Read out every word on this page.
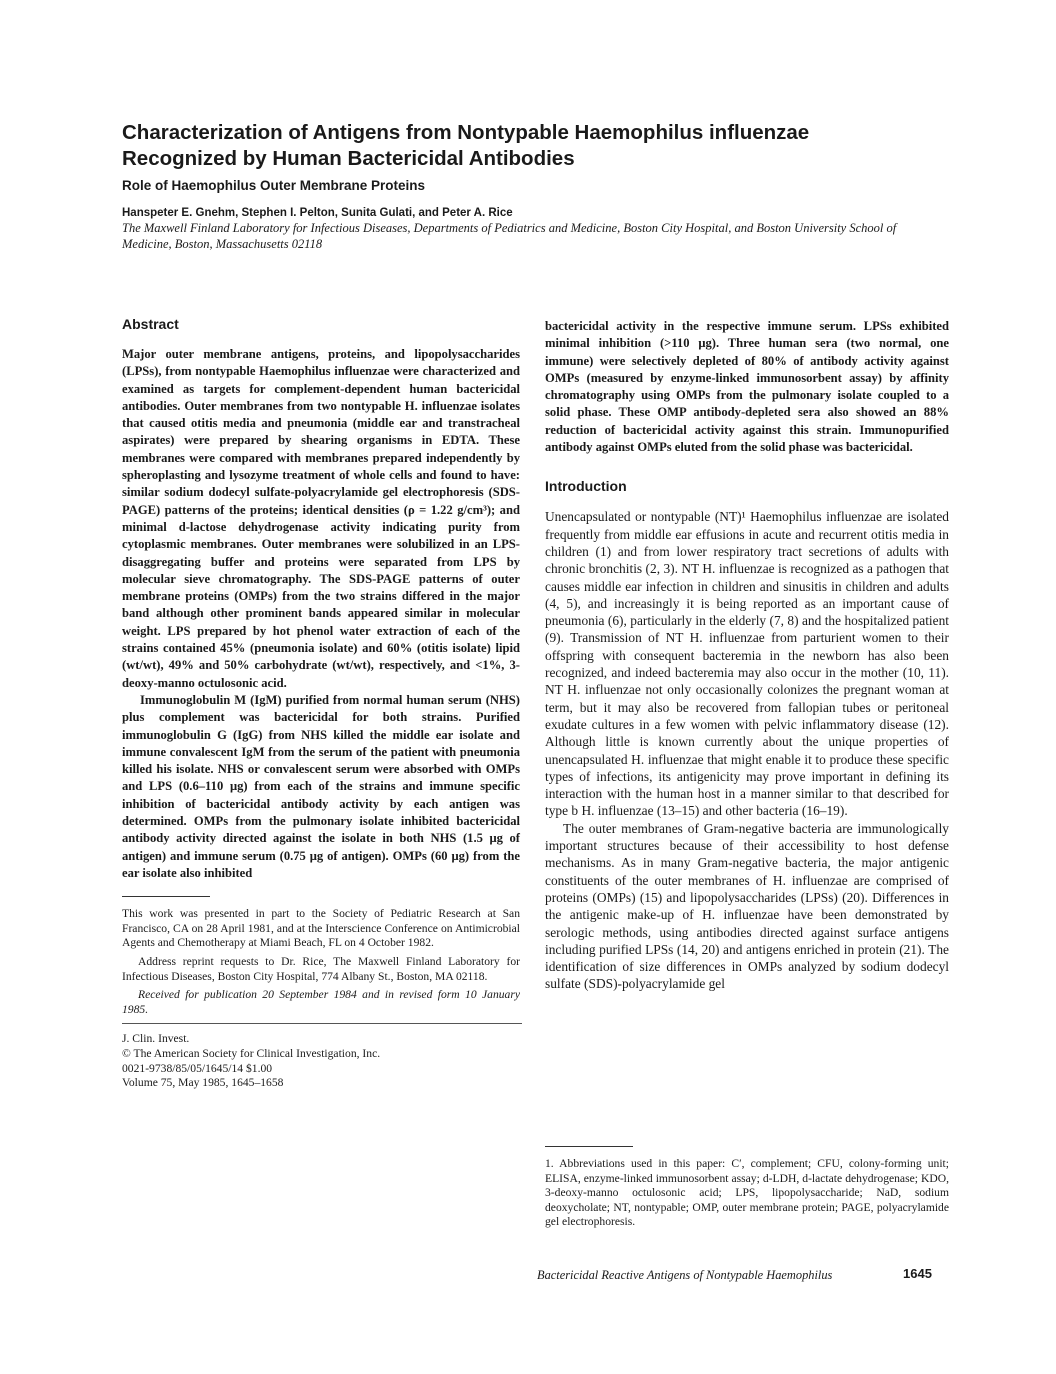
Characterization of Antigens from Nontypable Haemophilus influenzae
Recognized by Human Bactericidal Antibodies
Role of Haemophilus Outer Membrane Proteins
Hanspeter E. Gnehm, Stephen I. Pelton, Sunita Gulati, and Peter A. Rice
The Maxwell Finland Laboratory for Infectious Diseases, Departments of Pediatrics and Medicine, Boston City Hospital, and Boston University School of Medicine, Boston, Massachusetts 02118
Abstract

Major outer membrane antigens, proteins, and lipopolysaccharides (LPSs), from nontypable Haemophilus influenzae were characterized and examined as targets for complement-dependent human bactericidal antibodies. Outer membranes from two nontypable H. influenzae isolates that caused otitis media and pneumonia (middle ear and transtracheal aspirates) were prepared by shearing organisms in EDTA. These membranes were compared with membranes prepared independently by spheroplasting and lysozyme treatment of whole cells and found to have: similar sodium dodecyl sulfate-polyacrylamide gel electrophoresis (SDS-PAGE) patterns of the proteins; identical densities (ρ = 1.22 g/cm³); and minimal d-lactose dehydrogenase activity indicating purity from cytoplasmic membranes. Outer membranes were solubilized in an LPS-disaggregating buffer and proteins were separated from LPS by molecular sieve chromatography. The SDS-PAGE patterns of outer membrane proteins (OMPs) from the two strains differed in the major band although other prominent bands appeared similar in molecular weight. LPS prepared by hot phenol water extraction of each of the strains contained 45% (pneumonia isolate) and 60% (otitis isolate) lipid (wt/wt), 49% and 50% carbohydrate (wt/wt), respectively, and <1%, 3-deoxy-manno octulosonic acid.

Immunoglobulin M (IgM) purified from normal human serum (NHS) plus complement was bactericidal for both strains. Purified immunoglobulin G (IgG) from NHS killed the middle ear isolate and immune convalescent IgM from the serum of the patient with pneumonia killed his isolate. NHS or convalescent serum were absorbed with OMPs and LPS (0.6–110 μg) from each of the strains and immune specific inhibition of bactericidal antibody activity by each antigen was determined. OMPs from the pulmonary isolate inhibited bactericidal antibody activity directed against the isolate in both NHS (1.5 μg of antigen) and immune serum (0.75 μg of antigen). OMPs (60 μg) from the ear isolate also inhibited

This work was presented in part to the Society of Pediatric Research at San Francisco, CA on 28 April 1981, and at the Interscience Conference on Antimicrobial Agents and Chemotherapy at Miami Beach, FL on 4 October 1982.

Address reprint requests to Dr. Rice, The Maxwell Finland Laboratory for Infectious Diseases, Boston City Hospital, 774 Albany St., Boston, MA 02118.

Received for publication 20 September 1984 and in revised form 10 January 1985.

J. Clin. Invest.

© The American Society for Clinical Investigation, Inc.

0021-9738/85/05/1645/14 $1.00

Volume 75, May 1985, 1645–1658

bactericidal activity in the respective immune serum. LPSs exhibited minimal inhibition (>110 μg). Three human sera (two normal, one immune) were selectively depleted of 80% of antibody activity against OMPs (measured by enzyme-linked immunosorbent assay) by affinity chromatography using OMPs from the pulmonary isolate coupled to a solid phase. These OMP antibody-depleted sera also showed an 88% reduction of bactericidal activity against this strain. Immunopurified antibody against OMPs eluted from the solid phase was bactericidal.

Introduction

Unencapsulated or nontypable (NT)¹ Haemophilus influenzae are isolated frequently from middle ear effusions in acute and recurrent otitis media in children (1) and from lower respiratory tract secretions of adults with chronic bronchitis (2, 3). NT H. influenzae is recognized as a pathogen that causes middle ear infection in children and sinusitis in children and adults (4, 5), and increasingly it is being reported as an important cause of pneumonia (6), particularly in the elderly (7, 8) and the hospitalized patient (9). Transmission of NT H. influenzae from parturient women to their offspring with consequent bacteremia in the newborn has also been recognized, and indeed bacteremia may also occur in the mother (10, 11). NT H. influenzae not only occasionally colonizes the pregnant woman at term, but it may also be recovered from fallopian tubes or peritoneal exudate cultures in a few women with pelvic inflammatory disease (12). Although little is known currently about the unique properties of unencapsulated H. influenzae that might enable it to produce these specific types of infections, its antigenicity may prove important in defining its interaction with the human host in a manner similar to that described for type b H. influenzae (13–15) and other bacteria (16–19).

The outer membranes of Gram-negative bacteria are immunologically important structures because of their accessibility to host defense mechanisms. As in many Gram-negative bacteria, the major antigenic constituents of the outer membranes of H. influenzae are comprised of proteins (OMPs) (15) and lipopolysaccharides (LPSs) (20). Differences in the antigenic make-up of H. influenzae have been demonstrated by serologic methods, using antibodies directed against surface antigens including purified LPSs (14, 20) and antigens enriched in protein (21). The identification of size differences in OMPs analyzed by sodium dodecyl sulfate (SDS)-polyacrylamide gel

1. Abbreviations used in this paper: C′, complement; CFU, colony-forming unit; ELISA, enzyme-linked immunosorbent assay; d-LDH, d-lactate dehydrogenase; KDO, 3-deoxy-manno octulosonic acid; LPS, lipopolysaccharide; NaD, sodium deoxycholate; NT, nontypable; OMP, outer membrane protein; PAGE, polyacrylamide gel electrophoresis.

Bactericidal Reactive Antigens of Nontypable Haemophilus	1645
